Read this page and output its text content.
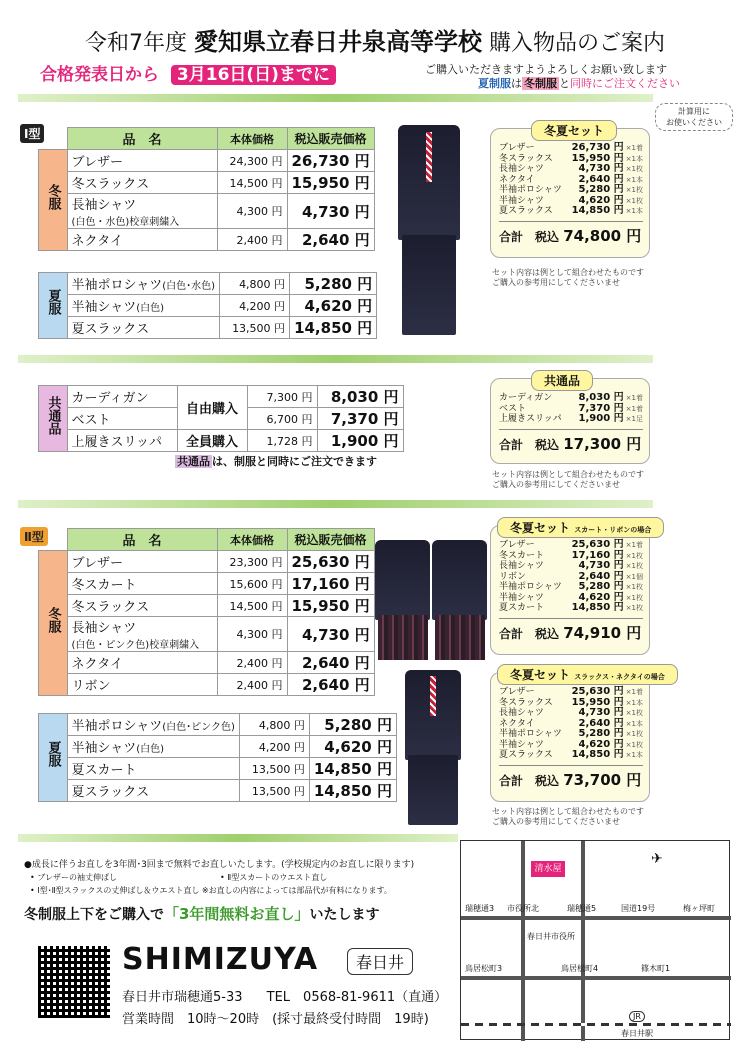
令和7年度 愛知県立春日井泉高等学校 購入物品のご案内
合格発表日から 3月16日(日)までに	ご購入いただきますようよろしくお願い致します
夏制服は 冬制服 と同時にご注文ください
計算用に
お使いください
Ⅰ型
		品　名	本体価格	税込販売価格
冬服	ブレザー	24,300 円	26,730 円
	冬スラックス	14,500 円	15,950 円
	長袖シャツ
(白色・水色)校章刺繍入	4,300 円	4,730 円
	ネクタイ	2,400 円	2,640 円
夏服	半袖ポロシャツ(白色･水色)	4,800 円	5,280 円
	半袖シャツ(白色)	4,200 円	4,620 円
	夏スラックス	13,500 円	14,850 円
冬夏セット
ブレザー	26,730 円 ×1着
冬スラックス 15,950 円 ×1本
長袖シャツ	4,730 円 ×1枚
ネクタイ	2,640 円 ×1本
半袖ポロシャツ 5,280 円 ×1枚
半袖シャツ	4,620 円 ×1枚
夏スラックス 14,850 円 ×1本
合計　税込 74,800 円
セット内容は例として組合わせたものです
ご購入の参考用にしてくださいませ
共通品	カーディガン	自由購入	7,300 円	8,030 円
	ベスト		6,700 円	7,370 円
	上履きスリッパ	全員購入	1,728 円	1,900 円
共通品 は、制服と同時にご注文できます
共通品
カーディガン	8,030 円 ×1着
ベスト	7,370 円 ×1着
上履きスリッパ 1,900 円 ×1足
合計　税込 17,300 円
セット内容は例として組合わせたものです
ご購入の参考用にしてくださいませ
Ⅱ型
		品　名	本体価格	税込販売価格
冬服	ブレザー	23,300 円	25,630 円
	冬スカート	15,600 円	17,160 円
	冬スラックス	14,500 円	15,950 円
	長袖シャツ
(白色・ピンク色)校章刺繍入	4,300 円	4,730 円
	ネクタイ	2,400 円	2,640 円
	リボン	2,400 円	2,640 円
夏服	半袖ポロシャツ(白色･ピンク色)	4,800 円	5,280 円
	半袖シャツ(白色)	4,200 円	4,620 円
	夏スカート	13,500 円	14,850 円
	夏スラックス	13,500 円	14,850 円
冬夏セット スカート・リボンの場合
ブレザー	25,630 円 ×1着
冬スカート	17,160 円 ×1枚
長袖シャツ	4,730 円 ×1枚
リボン	2,640 円 ×1個
半袖ポロシャツ 5,280 円 ×1枚
半袖シャツ	4,620 円 ×1枚
夏スカート	14,850 円 ×1枚
合計　税込 74,910 円
冬夏セット スラックス・ネクタイの場合
ブレザー	25,630 円 ×1着
冬スラックス 15,950 円 ×1本
長袖シャツ	4,730 円 ×1枚
ネクタイ	2,640 円 ×1本
半袖ポロシャツ 5,280 円 ×1枚
半袖シャツ	4,620 円 ×1枚
夏スラックス 14,850 円 ×1本
合計　税込 73,700 円
セット内容は例として組合わせたものです
ご購入の参考用にしてくださいませ
●成長に伴うお直しを3年間･3回まで無料でお直しいたします。(学校規定内のお直しに限ります)
• ブレザーの袖丈伸ばし	• Ⅱ型スカートのウエスト直し
• Ⅰ型･Ⅱ型スラックスの丈伸ばし＆ウエスト直し ※お直しの内容によっては部品代が有料になります。
冬制服上下をご購入で「3年間無料お直し」いたします
SHIMIZUYA	春日井
春日井市瑞穂通5-33 TEL　0568-81-9611（直通）
営業時間　10時～20時　(採寸最終受付時間　19時)
清水屋
瑞穂通3 市役所北	瑞穂通5	国道19号	梅ヶ坪町
鳥居松町3	鳥居松町4	篠木町1
春日井市役所
春日井駅
JR
✈
